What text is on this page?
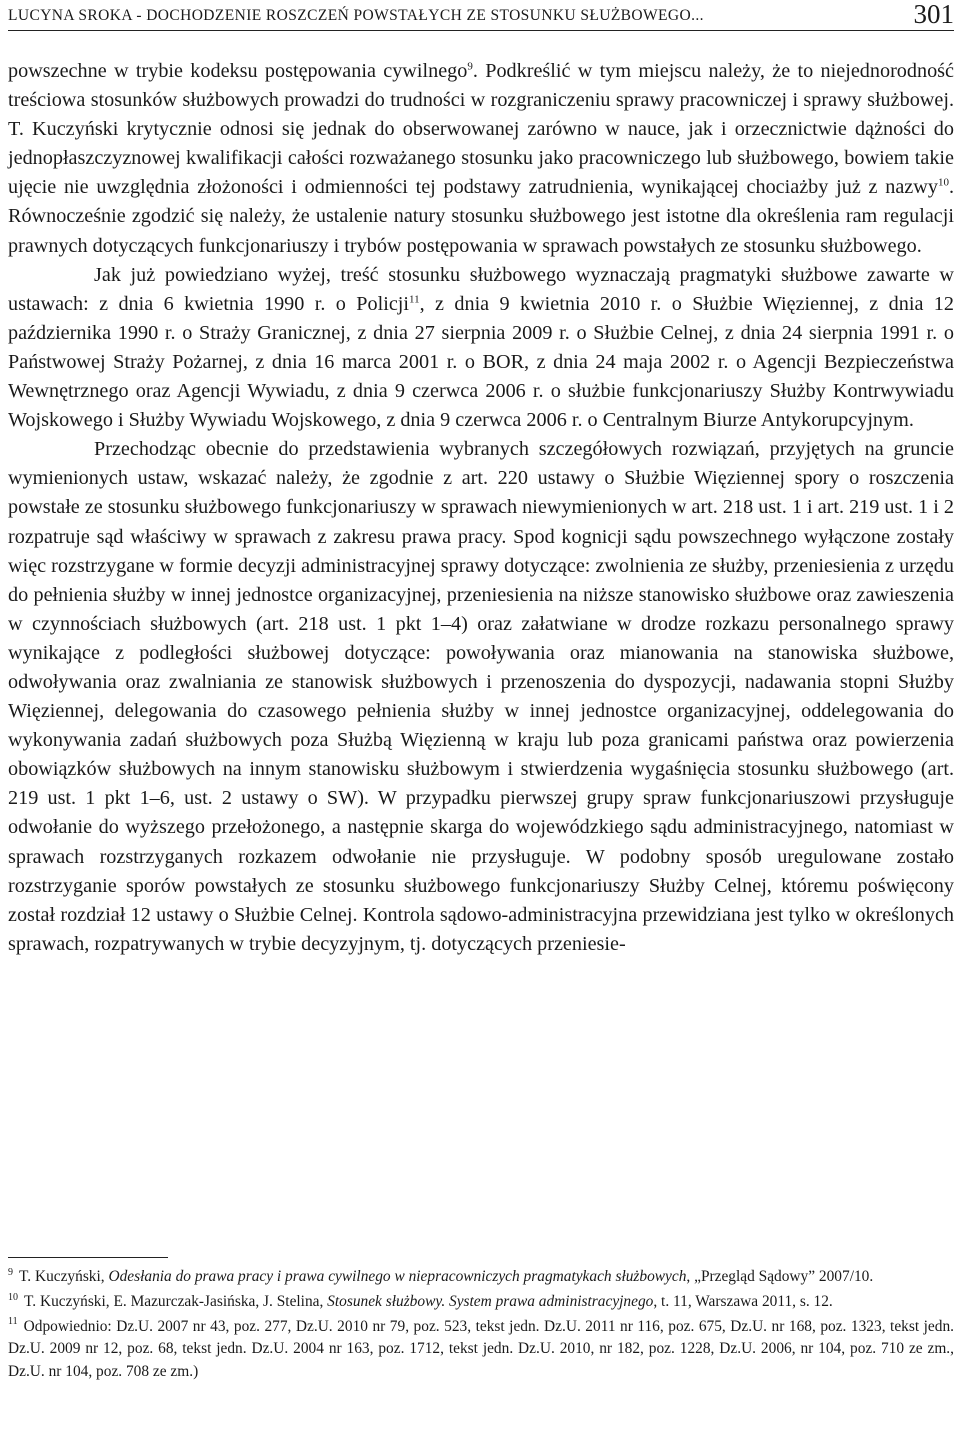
LUCYNA SROKA - DOCHODZENIE ROSZCZEŃ POWSTAŁYCH ZE STOSUNKU SŁUŻBOWEGO...	301

powszechne w trybie kodeksu postępowania cywilnego$^9$. Podkreślić w tym miejscu należy, że to niejednorodność treściowa stosunków służbowych prowadzi do trudności w rozgraniczeniu sprawy pracowniczej i sprawy służbowej. T. Kuczyński krytycznie odnosi się jednak do obserwowanej zarówno w nauce, jak i orzecznictwie dążności do jednopłaszczyznowej kwalifikacji całości rozważanego stosunku jako pracowniczego lub służbowego, bowiem takie ujęcie nie uwzględnia złożoności i odmienności tej podstawy zatrudnienia, wynikającej chociażby już z nazwy$^{10}$. Równocześnie zgodzić się należy, że ustalenie natury stosunku służbowego jest istotne dla określenia ram regulacji prawnych dotyczących funkcjonariuszy i trybów postępowania w sprawach powstałych ze stosunku służbowego.

Jak już powiedziano wyżej, treść stosunku służbowego wyznaczają pragmatyki służbowe zawarte w ustawach: z dnia 6 kwietnia 1990 r. o Policji$^{11}$, z dnia 9 kwietnia 2010 r. o Służbie Więziennej, z dnia 12 października 1990 r. o Straży Granicznej, z dnia 27 sierpnia 2009 r. o Służbie Celnej, z dnia 24 sierpnia 1991 r. o Państwowej Straży Pożarnej, z dnia 16 marca 2001 r. o BOR, z dnia 24 maja 2002 r. o Agencji Bezpieczeństwa Wewnętrznego oraz Agencji Wywiadu, z dnia 9 czerwca 2006 r. o służbie funkcjonariuszy Służby Kontrwywiadu Wojskowego i Służby Wywiadu Wojskowego, z dnia 9 czerwca 2006 r. o Centralnym Biurze Antykorupcyjnym.

Przechodząc obecnie do przedstawienia wybranych szczegółowych rozwiązań, przyjętych na gruncie wymienionych ustaw, wskazać należy, że zgodnie z art. 220 ustawy o Służbie Więziennej spory o roszczenia powstałe ze stosunku służbowego funkcjonariuszy w sprawach niewymienionych w art. 218 ust. 1 i art. 219 ust. 1 i 2 rozpatruje sąd właściwy w sprawach z zakresu prawa pracy. Spod kognicji sądu powszechnego wyłączone zostały więc rozstrzygane w formie decyzji administracyjnej sprawy dotyczące: zwolnienia ze służby, przeniesienia z urzędu do pełnienia służby w innej jednostce organizacyjnej, przeniesienia na niższe stanowisko służbowe oraz zawieszenia w czynnościach służbowych (art. 218 ust. 1 pkt 1–4) oraz załatwiane w drodze rozkazu personalnego sprawy wynikające z podległości służbowej dotyczące: powoływania oraz mianowania na stanowiska służbowe, odwoływania oraz zwalniania ze stanowisk służbowych i przenoszenia do dyspozycji, nadawania stopni Służby Więziennej, delegowania do czasowego pełnienia służby w innej jednostce organizacyjnej, oddelegowania do wykonywania zadań służbowych poza Służbą Więzienną w kraju lub poza granicami państwa oraz powierzenia obowiązków służbowych na innym stanowisku służbowym i stwierdzenia wygaśnięcia stosunku służbowego (art. 219 ust. 1 pkt 1–6, ust. 2 ustawy o SW). W przypadku pierwszej grupy spraw funkcjonariuszowi przysługuje odwołanie do wyższego przełożonego, a następnie skarga do wojewódzkiego sądu administracyjnego, natomiast w sprawach rozstrzyganych rozkazem odwołanie nie przysługuje. W podobny sposób uregulowane zostało rozstrzyganie sporów powstałych ze stosunku służbowego funkcjonariuszy Służby Celnej, któremu poświęcony został rozdział 12 ustawy o Służbie Celnej. Kontrola sądowo-administracyjna przewidziana jest tylko w określonych sprawach, rozpatrywanych w trybie decyzyjnym, tj. dotyczących przeniesie-

$^9$ T. Kuczyński, Odesłania do prawa pracy i prawa cywilnego w niepracowniczych pragmatykach służbowych, „Przegląd Sądowy” 2007/10.

$^{10}$ T. Kuczyński, E. Mazurczak-Jasińska, J. Stelina, Stosunek służbowy. System prawa administracyjnego, t. 11, Warszawa 2011, s. 12.

$^{11}$ Odpowiednio: Dz.U. 2007 nr 43, poz. 277, Dz.U. 2010 nr 79, poz. 523, tekst jedn. Dz.U. 2011 nr 116, poz. 675, Dz.U. nr 168, poz. 1323, tekst jedn. Dz.U. 2009 nr 12, poz. 68, tekst jedn. Dz.U. 2004 nr 163, poz. 1712, tekst jedn. Dz.U. 2010, nr 182, poz. 1228, Dz.U. 2006, nr 104, poz. 710 ze zm., Dz.U. nr 104, poz. 708 ze zm.)
